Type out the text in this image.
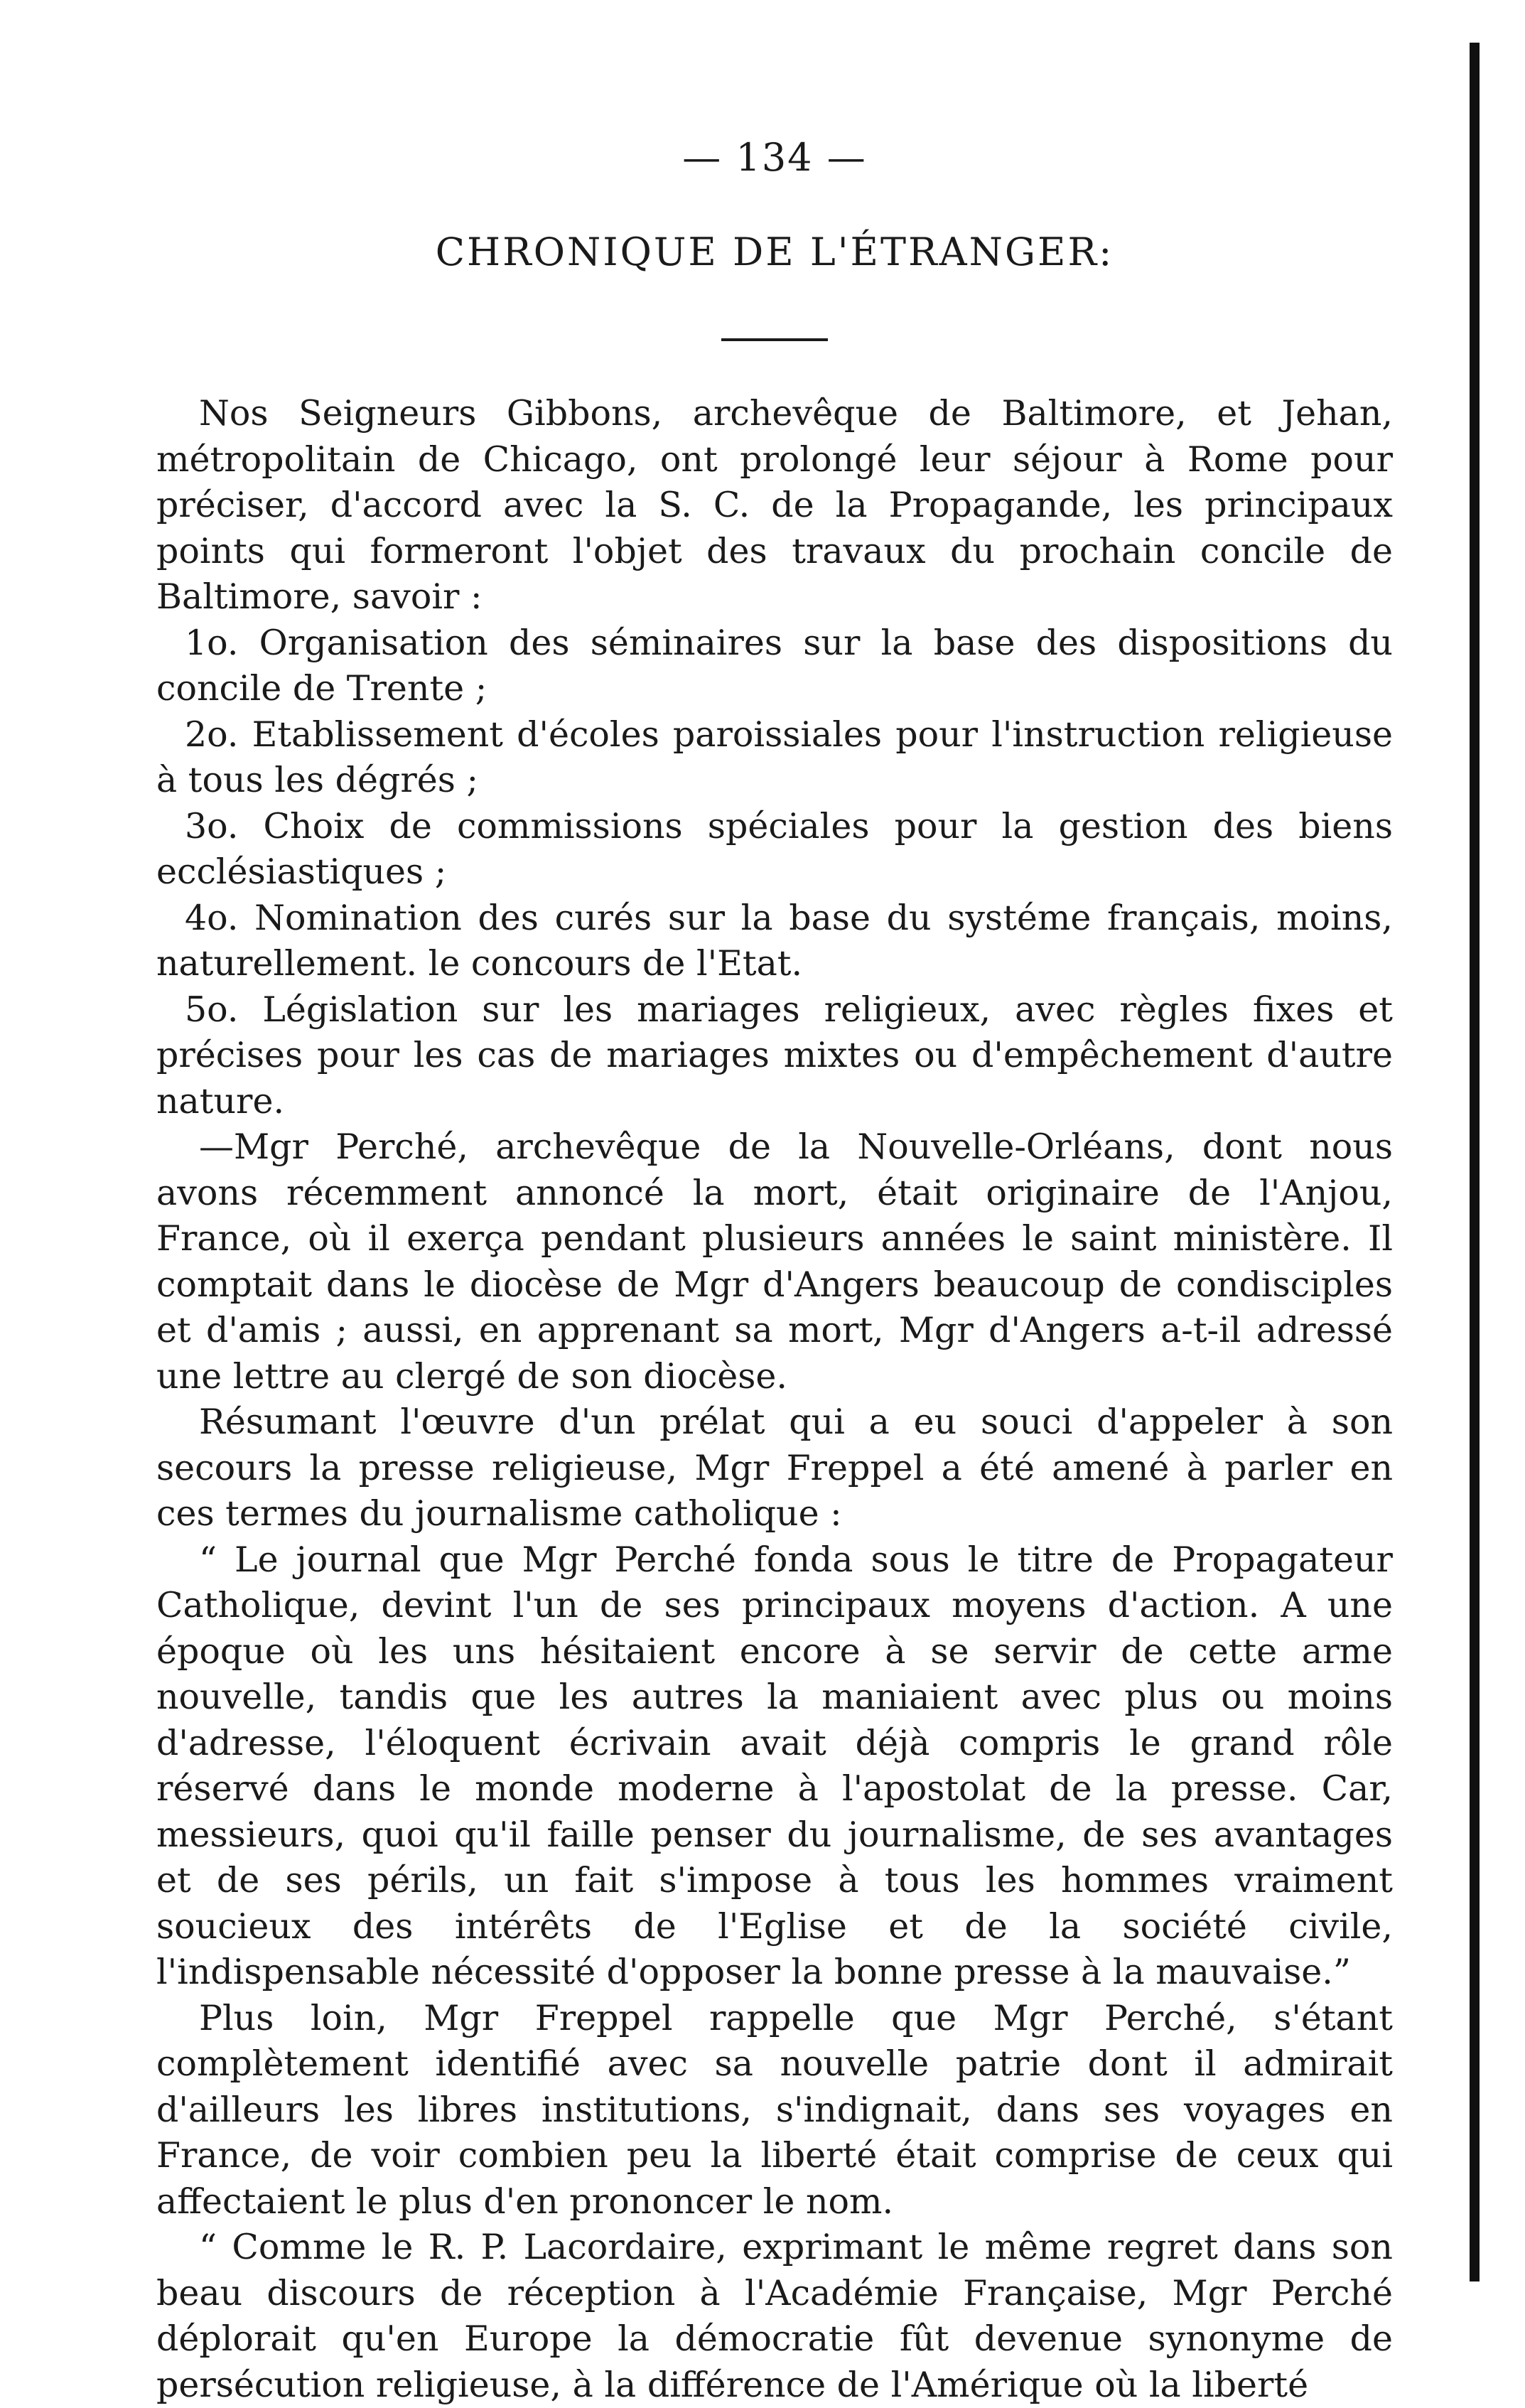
— 134 —
CHRONIQUE DE L'ÉTRANGER:

Nos Seigneurs Gibbons, archevêque de Baltimore, et Jehan, métropolitain de Chicago, ont prolongé leur séjour à Rome pour préciser, d'accord avec la S. C. de la Propagande, les principaux points qui formeront l'objet des travaux du prochain concile de Baltimore, savoir :

1o. Organisation des séminaires sur la base des dispositions du concile de Trente ;

2o. Etablissement d'écoles paroissiales pour l'instruction religieuse à tous les dégrés ;

3o. Choix de commissions spéciales pour la gestion des biens ecclésiastiques ;

4o. Nomination des curés sur la base du systéme français, moins, naturellement. le concours de l'Etat.

5o. Législation sur les mariages religieux, avec règles fixes et précises pour les cas de mariages mixtes ou d'empêchement d'autre nature.

—Mgr Perché, archevêque de la Nouvelle-Orléans, dont nous avons récemment annoncé la mort, était originaire de l'Anjou, France, où il exerça pendant plusieurs années le saint ministère. Il comptait dans le diocèse de Mgr d'Angers beaucoup de condisciples et d'amis ; aussi, en apprenant sa mort, Mgr d'Angers a-t-il adressé une lettre au clergé de son diocèse.

Résumant l'œuvre d'un prélat qui a eu souci d'appeler à son secours la presse religieuse, Mgr Freppel a été amené à parler en ces termes du journalisme catholique :

“ Le journal que Mgr Perché fonda sous le titre de Propagateur Catholique, devint l'un de ses principaux moyens d'action. A une époque où les uns hésitaient encore à se servir de cette arme nouvelle, tandis que les autres la maniaient avec plus ou moins d'adresse, l'éloquent écrivain avait déjà compris le grand rôle réservé dans le monde moderne à l'apostolat de la presse. Car, messieurs, quoi qu'il faille penser du journalisme, de ses avantages et de ses périls, un fait s'impose à tous les hommes vraiment soucieux des intérêts de l'Eglise et de la société civile, l'indispensable nécessité d'opposer la bonne presse à la mauvaise.”

Plus loin, Mgr Freppel rappelle que Mgr Perché, s'étant complètement identifié avec sa nouvelle patrie dont il admirait d'ailleurs les libres institutions, s'indignait, dans ses voyages en France, de voir combien peu la liberté était comprise de ceux qui affectaient le plus d'en prononcer le nom.

“ Comme le R. P. Lacordaire, exprimant le même regret dans son beau discours de réception à l'Académie Française, Mgr Perché déplorait qu'en Europe la démocratie fût devenue synonyme de persécution religieuse, à la différence de l'Amérique où la liberté
